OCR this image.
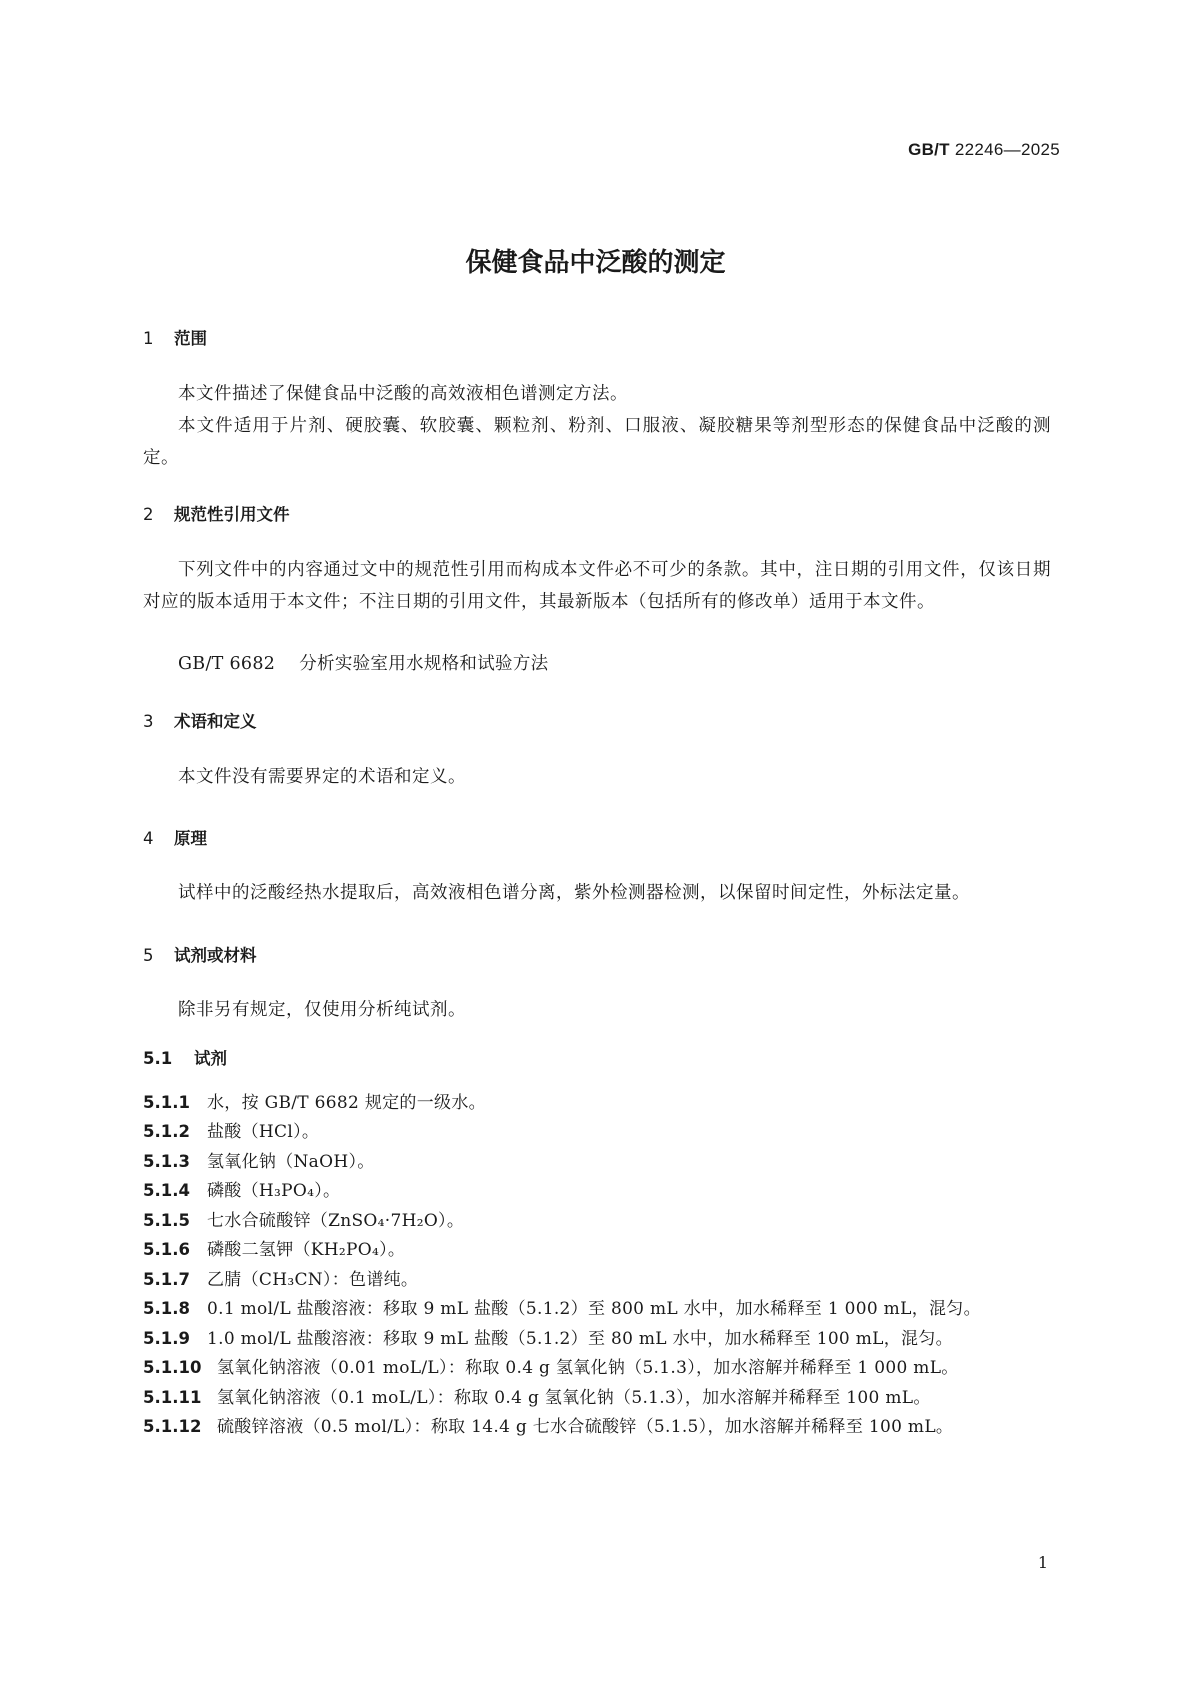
GB/T 22246—2025
保健食品中泛酸的测定
1 范围
本文件描述了保健食品中泛酸的高效液相色谱测定方法。
本文件适用于片剂、硬胶囊、软胶囊、颗粒剂、粉剂、口服液、凝胶糖果等剂型形态的保健食品中泛酸的测定。
2 规范性引用文件
下列文件中的内容通过文中的规范性引用而构成本文件必不可少的条款。其中，注日期的引用文件，仅该日期对应的版本适用于本文件；不注日期的引用文件，其最新版本（包括所有的修改单）适用于本文件。
GB/T 6682 分析实验室用水规格和试验方法
3 术语和定义
本文件没有需要界定的术语和定义。
4 原理
试样中的泛酸经热水提取后，高效液相色谱分离，紫外检测器检测，以保留时间定性，外标法定量。
5 试剂或材料
除非另有规定，仅使用分析纯试剂。
5.1 试剂
5.1.1 水，按 GB/T 6682 规定的一级水。
5.1.2 盐酸（HCl）。
5.1.3 氢氧化钠（NaOH）。
5.1.4 磷酸（H₃PO₄）。
5.1.5 七水合硫酸锌（ZnSO₄·7H₂O）。
5.1.6 磷酸二氢钾（KH₂PO₄）。
5.1.7 乙腈（CH₃CN）：色谱纯。
5.1.8 0.1 mol/L 盐酸溶液：移取 9 mL 盐酸（5.1.2）至 800 mL 水中，加水稀释至 1 000 mL，混匀。
5.1.9 1.0 mol/L 盐酸溶液：移取 9 mL 盐酸（5.1.2）至 80 mL 水中，加水稀释至 100 mL，混匀。
5.1.10 氢氧化钠溶液（0.01 moL/L）：称取 0.4 g 氢氧化钠（5.1.3），加水溶解并稀释至 1 000 mL。
5.1.11 氢氧化钠溶液（0.1 moL/L）：称取 0.4 g 氢氧化钠（5.1.3），加水溶解并稀释至 100 mL。
5.1.12 硫酸锌溶液（0.5 mol/L）：称取 14.4 g 七水合硫酸锌（5.1.5），加水溶解并稀释至 100 mL。
1
